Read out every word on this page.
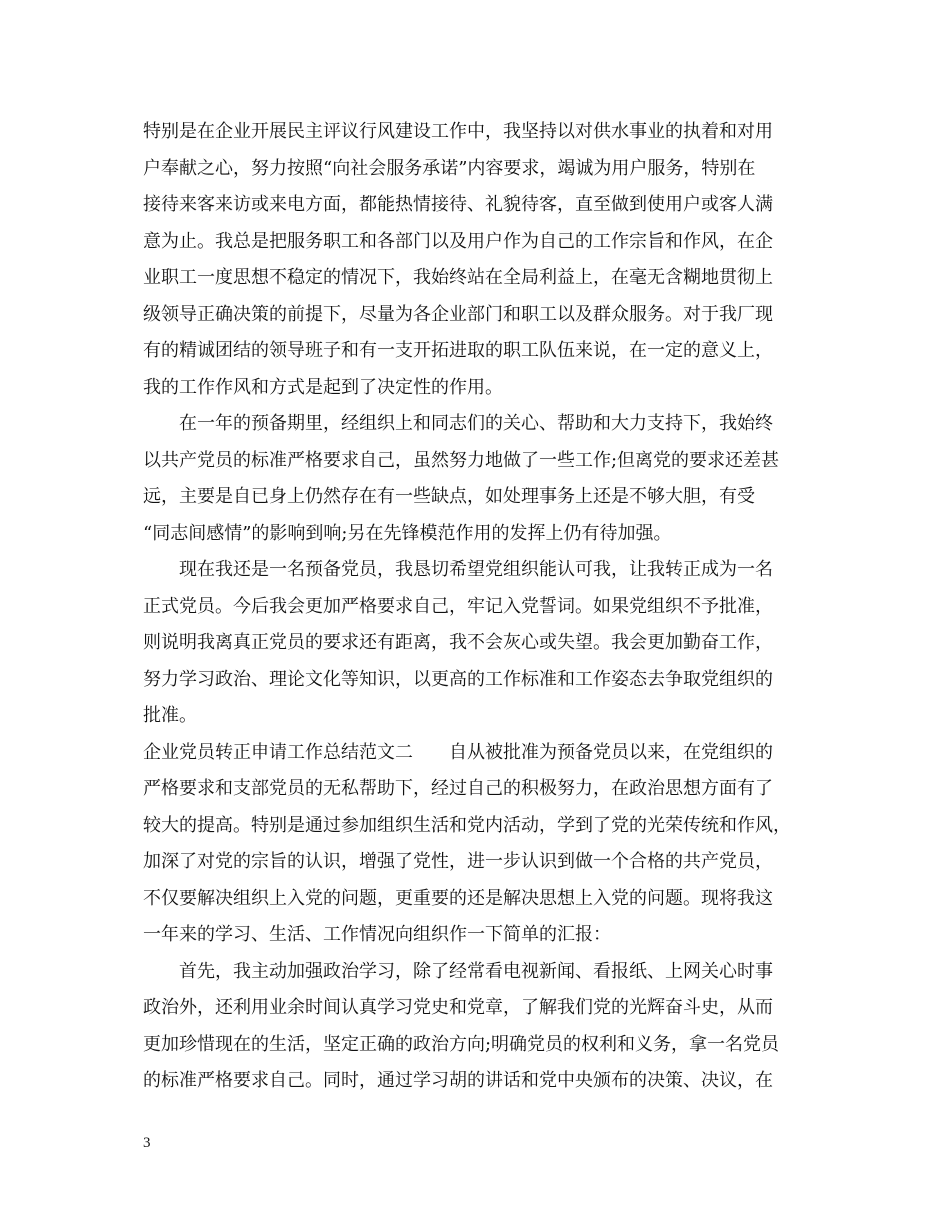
特别是在企业开展民主评议行风建设工作中，我坚持以对供水事业的执着和对用
户奉献之心，努力按照“向社会服务承诺”内容要求，竭诚为用户服务，特别在
接待来客来访或来电方面，都能热情接待、礼貌待客，直至做到使用户或客人满
意为止。我总是把服务职工和各部门以及用户作为自己的工作宗旨和作风，在企
业职工一度思想不稳定的情况下，我始终站在全局利益上，在毫无含糊地贯彻上
级领导正确决策的前提下，尽量为各企业部门和职工以及群众服务。对于我厂现
有的精诚团结的领导班子和有一支开拓进取的职工队伍来说，在一定的意义上，
我的工作作风和方式是起到了决定性的作用。
在一年的预备期里，经组织上和同志们的关心、帮助和大力支持下，我始终
以共产党员的标准严格要求自己，虽然努力地做了一些工作;但离党的要求还差甚
远，主要是自已身上仍然存在有一些缺点，如处理事务上还是不够大胆，有受
“同志间感情”的影响到响;另在先锋模范作用的发挥上仍有待加强。
现在我还是一名预备党员，我恳切希望党组织能认可我，让我转正成为一名
正式党员。今后我会更加严格要求自己，牢记入党誓词。如果党组织不予批准，
则说明我离真正党员的要求还有距离，我不会灰心或失望。我会更加勤奋工作，
努力学习政治、理论文化等知识，以更高的工作标准和工作姿态去争取党组织的
批准。
企业党员转正申请工作总结范文二　　自从被批准为预备党员以来，在党组织的
严格要求和支部党员的无私帮助下，经过自己的积极努力，在政治思想方面有了
较大的提高。特别是通过参加组织生活和党内活动，学到了党的光荣传统和作风，
加深了对党的宗旨的认识，增强了党性，进一步认识到做一个合格的共产党员，
不仅要解决组织上入党的问题，更重要的还是解决思想上入党的问题。现将我这
一年来的学习、生活、工作情况向组织作一下简单的汇报：
首先，我主动加强政治学习，除了经常看电视新闻、看报纸、上网关心时事
政治外，还利用业余时间认真学习党史和党章，了解我们党的光辉奋斗史，从而
更加珍惜现在的生活，坚定正确的政治方向;明确党员的权利和义务，拿一名党员
的标准严格要求自己。同时，通过学习胡的讲话和党中央颁布的决策、决议，在
3
